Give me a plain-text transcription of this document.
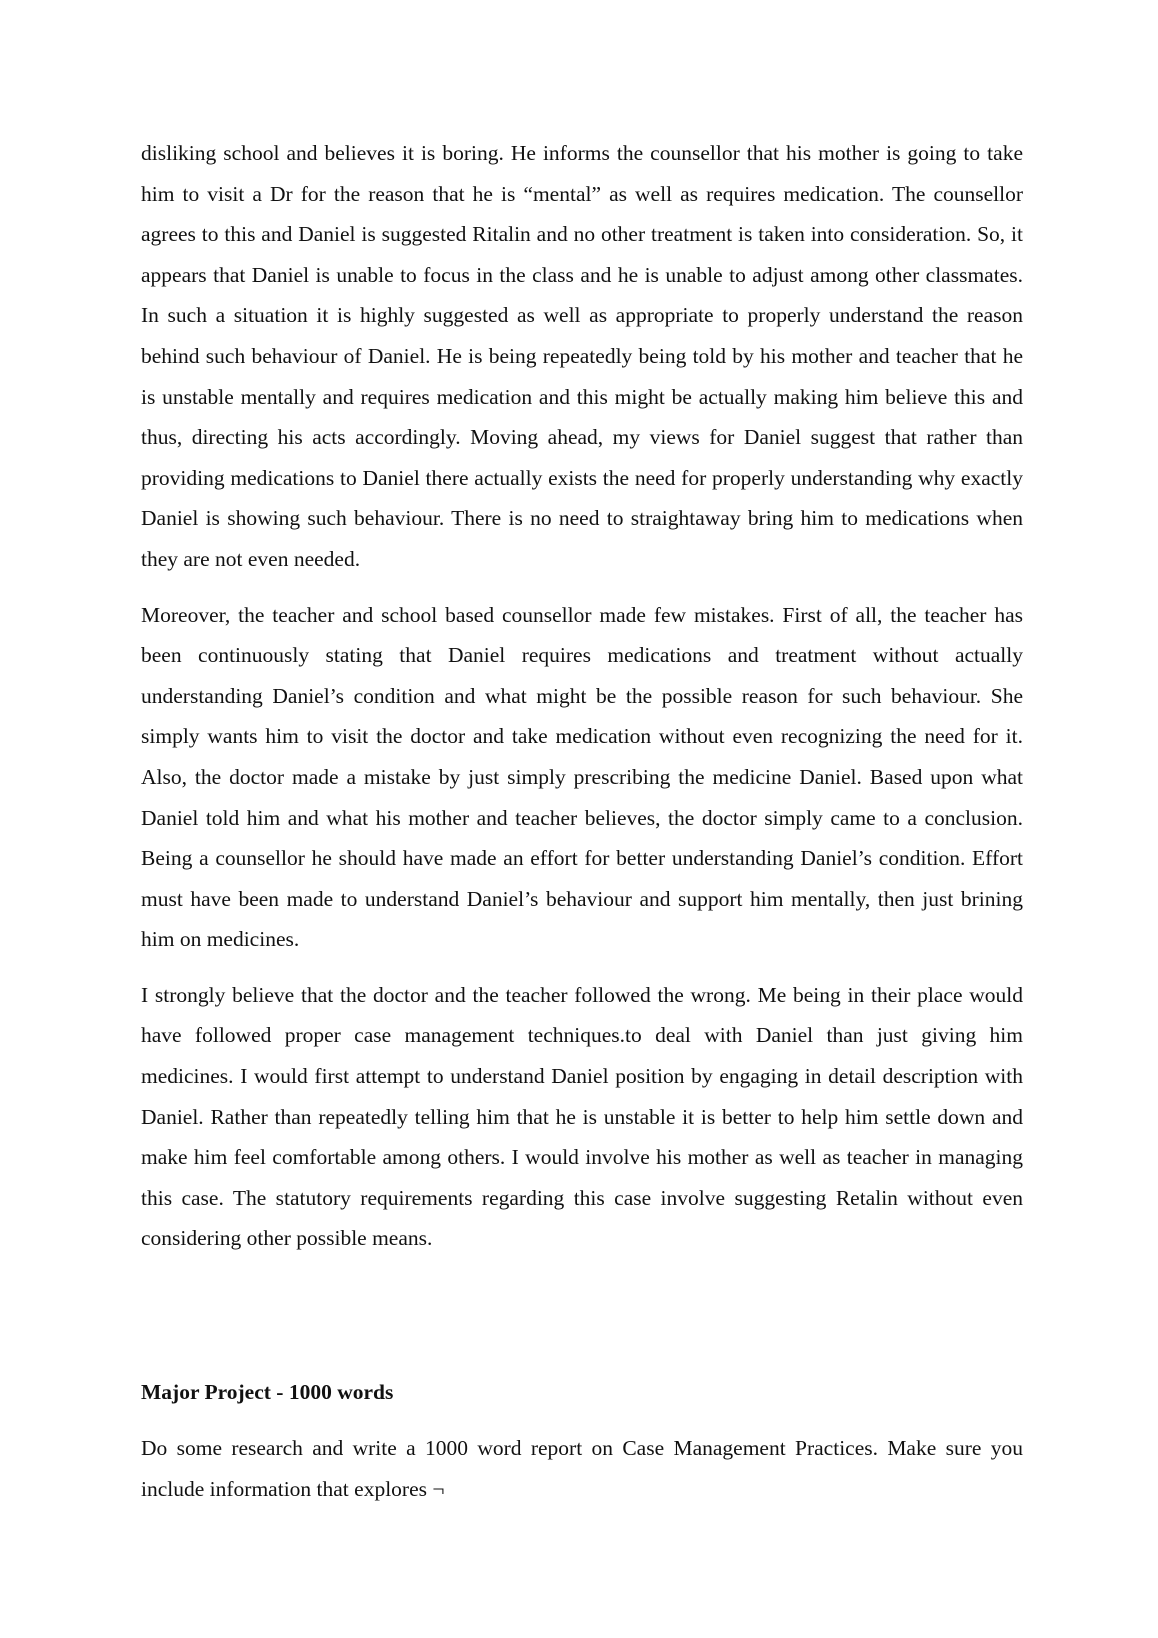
disliking school and believes it is boring. He informs the counsellor that his mother is going to take him to visit a Dr for the reason that he is “mental” as well as requires medication. The counsellor agrees to this and Daniel is suggested Ritalin and no other treatment is taken into consideration. So, it appears that Daniel is unable to focus in the class and he is unable to adjust among other classmates. In such a situation it is highly suggested as well as appropriate to properly understand the reason behind such behaviour of Daniel. He is being repeatedly being told by his mother and teacher that he is unstable mentally and requires medication and this might be actually making him believe this and thus, directing his acts accordingly. Moving ahead, my views for Daniel suggest that rather than providing medications to Daniel there actually exists the need for properly understanding why exactly Daniel is showing such behaviour. There is no need to straightaway bring him to medications when they are not even needed.

Moreover, the teacher and school based counsellor made few mistakes. First of all, the teacher has been continuously stating that Daniel requires medications and treatment without actually understanding Daniel’s condition and what might be the possible reason for such behaviour. She simply wants him to visit the doctor and take medication without even recognizing the need for it. Also, the doctor made a mistake by just simply prescribing the medicine Daniel. Based upon what Daniel told him and what his mother and teacher believes, the doctor simply came to a conclusion. Being a counsellor he should have made an effort for better understanding Daniel’s condition. Effort must have been made to understand Daniel’s behaviour and support him mentally, then just brining him on medicines.

I strongly believe that the doctor and the teacher followed the wrong. Me being in their place would have followed proper case management techniques.to deal with Daniel than just giving him medicines. I would first attempt to understand Daniel position by engaging in detail description with Daniel. Rather than repeatedly telling him that he is unstable it is better to help him settle down and make him feel comfortable among others. I would involve his mother as well as teacher in managing this case. The statutory requirements regarding this case involve suggesting Retalin without even considering other possible means.

Major Project - 1000 words

Do some research and write a 1000 word report on Case Management Practices. Make sure you include information that explores ¬
